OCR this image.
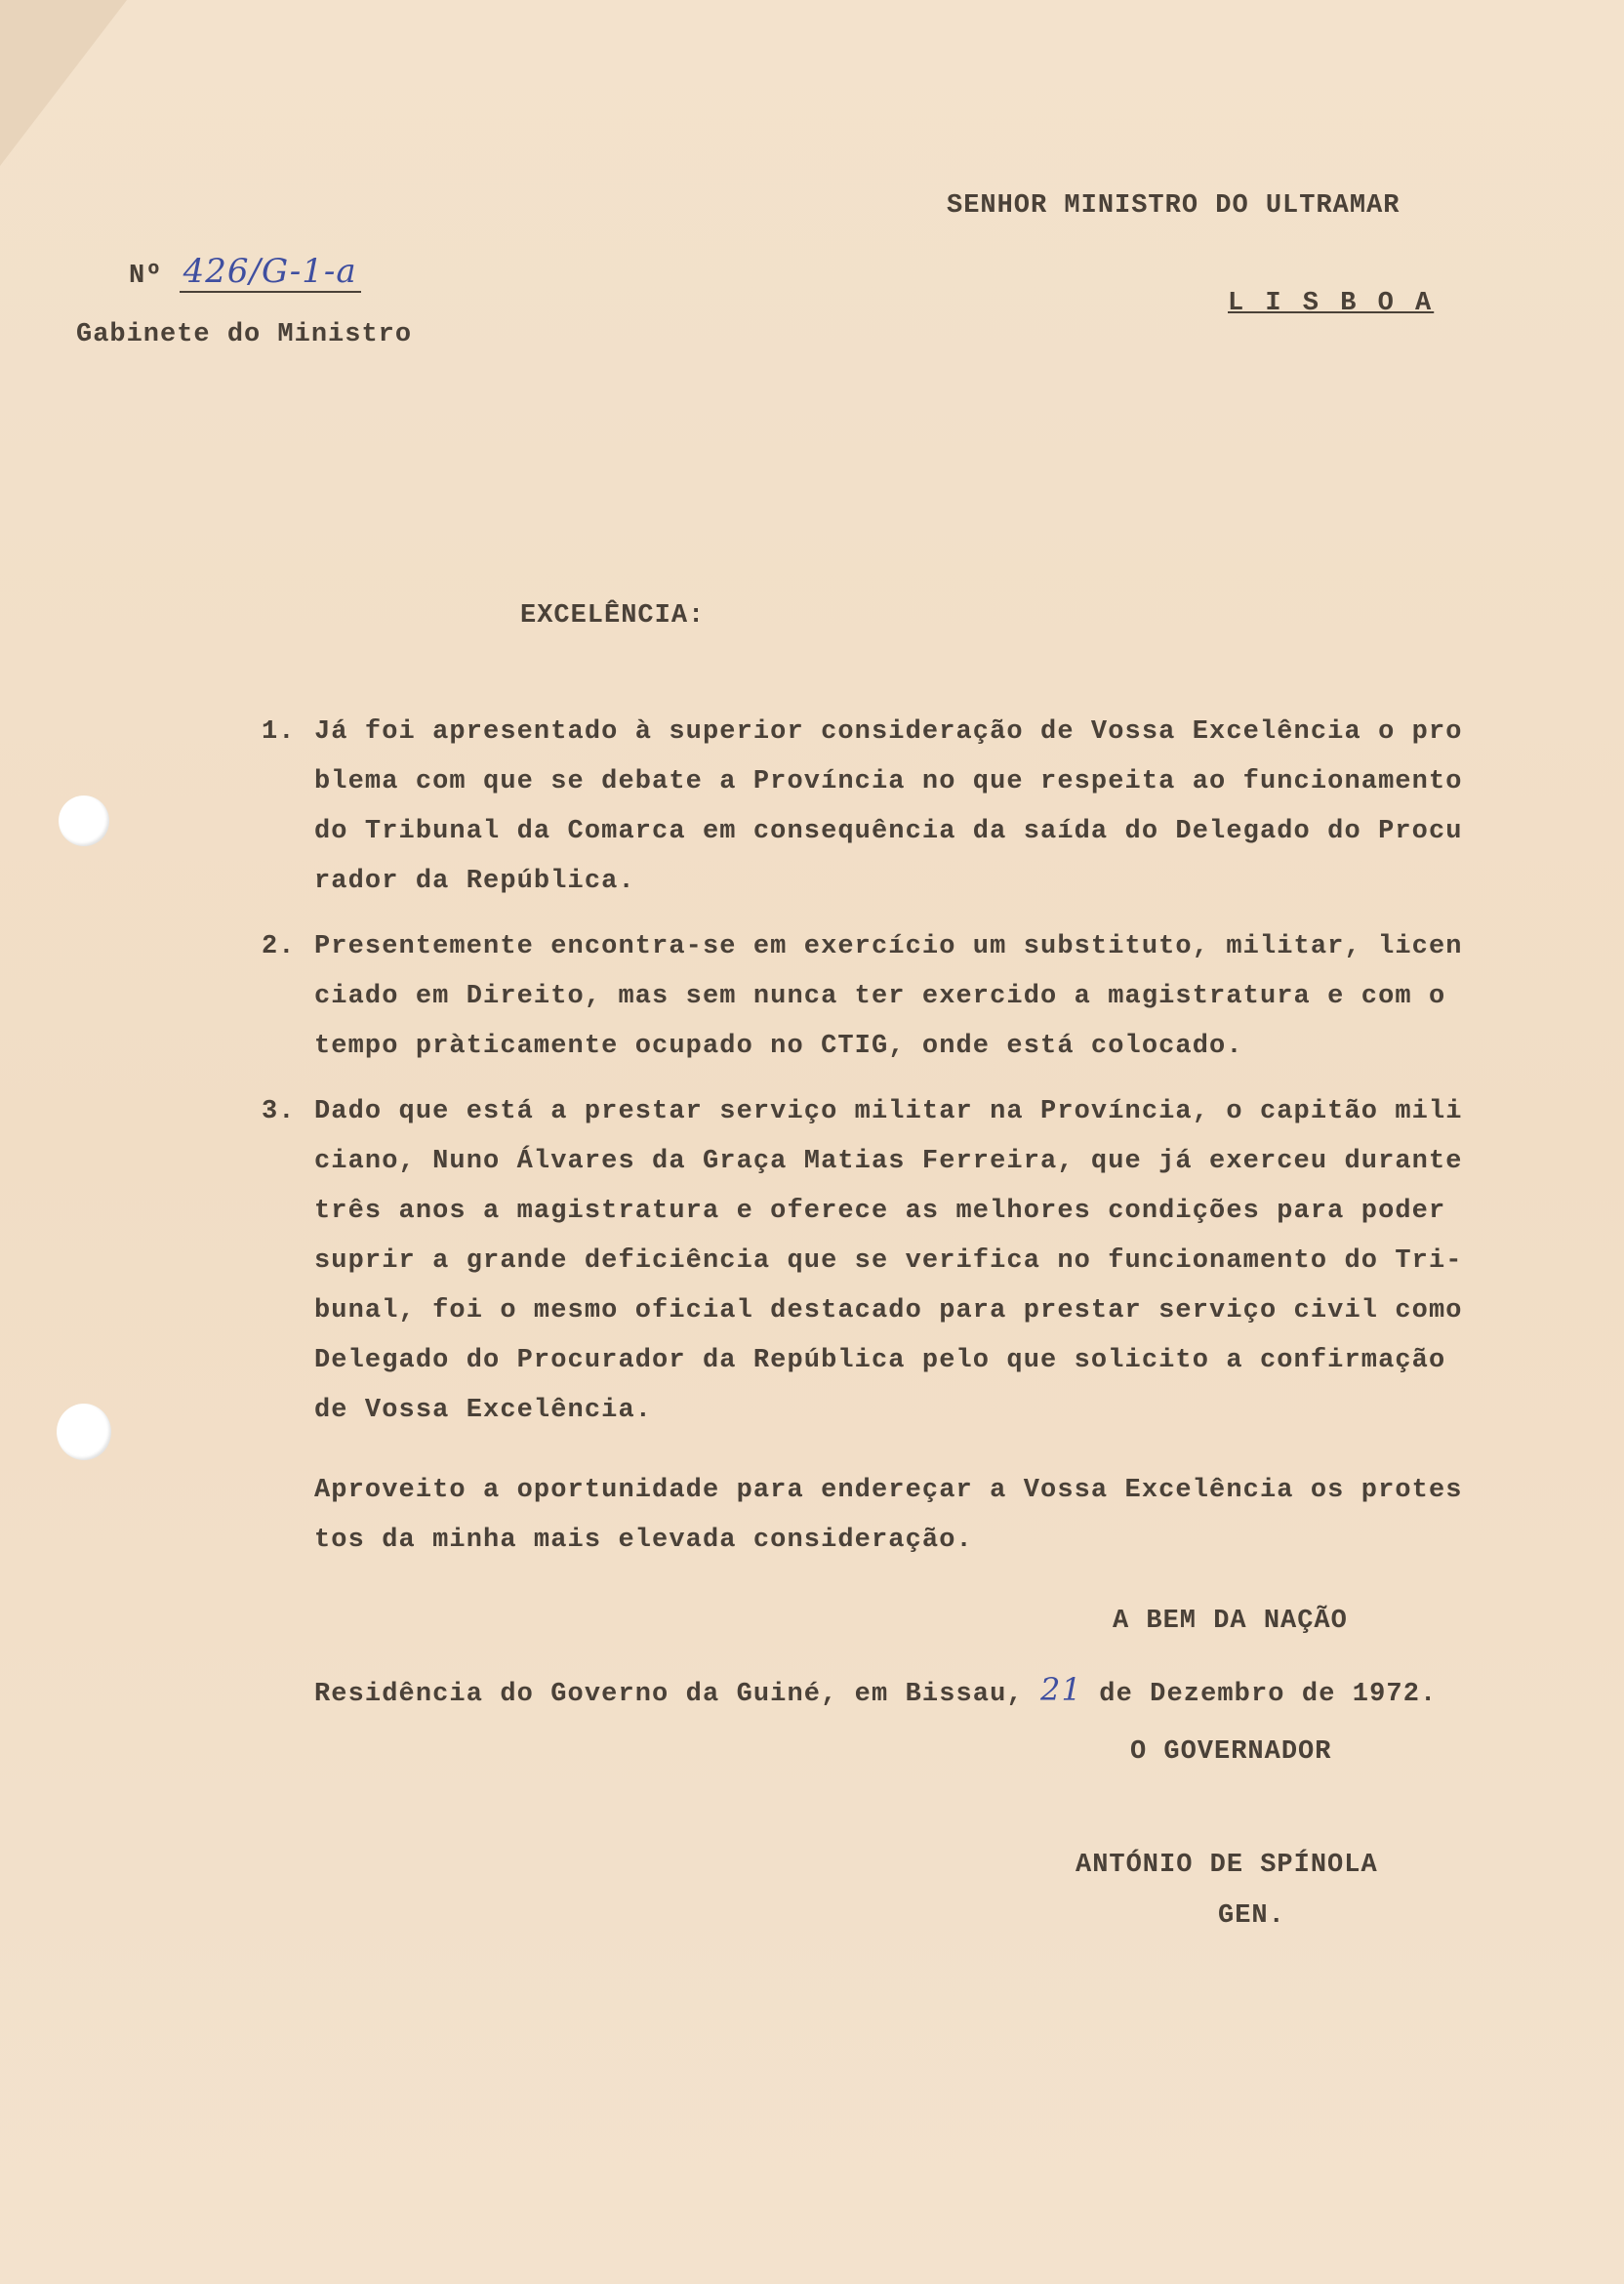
SENHOR MINISTRO DO ULTRAMAR
L I S B O A
Nº 426/G-1-a
Gabinete do Ministro
EXCELÊNCIA:
1. Já foi apresentado à superior consideração de Vossa Excelência o pro
blema com que se debate a Província no que respeita ao funcionamento
do Tribunal da Comarca em consequência da saída do Delegado do Procu
rador da República.
2. Presentemente encontra-se em exercício um substituto, militar, licen
ciado em Direito, mas sem nunca ter exercido a magistratura e com o
tempo pràticamente ocupado no CTIG, onde está colocado.
3. Dado que está a prestar serviço militar na Província, o capitão mili
ciano, Nuno Álvares da Graça Matias Ferreira, que já exerceu durante
três anos a magistratura e oferece as melhores condições para poder
suprir a grande deficiência que se verifica no funcionamento do Tri-
bunal, foi o mesmo oficial destacado para prestar serviço civil como
Delegado do Procurador da República pelo que solicito a confirmação
de Vossa Excelência.
Aproveito a oportunidade para endereçar a Vossa Excelência os protes
tos da minha mais elevada consideração.
A BEM DA NAÇÃO
Residência do Governo da Guiné, em Bissau, 21 de Dezembro de 1972.
O GOVERNADOR
ANTÓNIO DE SPÍNOLA
GEN.
